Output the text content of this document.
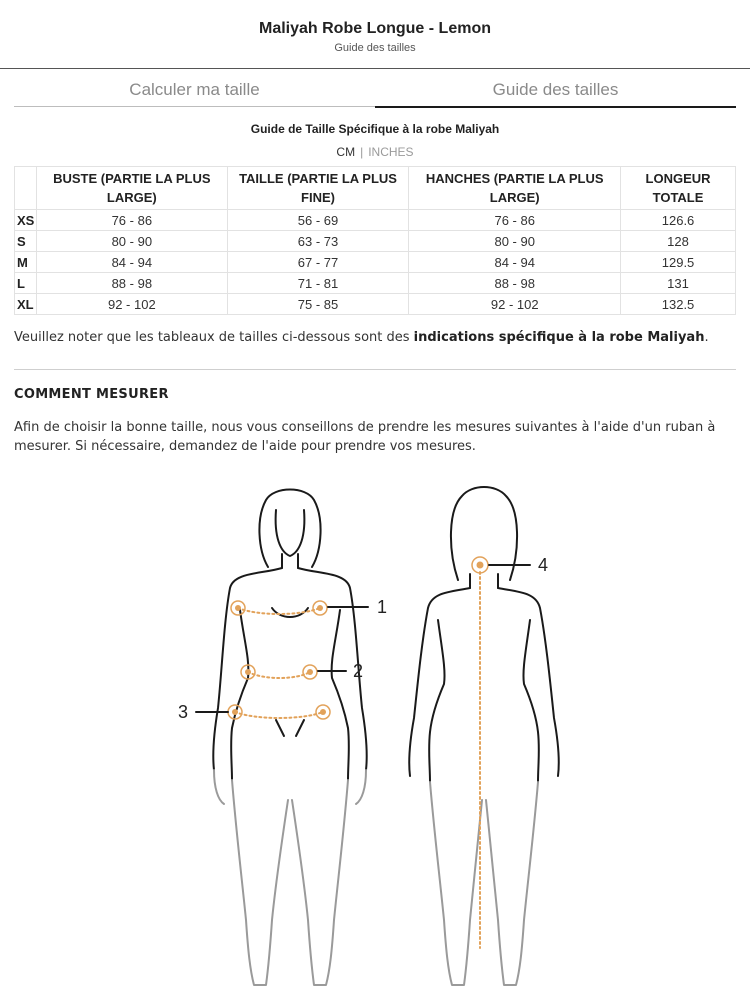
Maliyah Robe Longue - Lemon
Guide des tailles
Calculer ma taille	Guide des tailles
Guide de Taille Spécifique à la robe Maliyah
CM | INCHES
	BUSTE (PARTIE LA PLUS LARGE)	TAILLE (PARTIE LA PLUS FINE)	HANCHES (PARTIE LA PLUS LARGE)	LONGEUR TOTALE
XS	76 - 86	56 - 69	76 - 86	126.6
S	80 - 90	63 - 73	80 - 90	128
M	84 - 94	67 - 77	84 - 94	129.5
L	88 - 98	71 - 81	88 - 98	131
XL	92 - 102	75 - 85	92 - 102	132.5
Veuillez noter que les tableaux de tailles ci-dessous sont des indications spécifique à la robe Maliyah.
COMMENT MESURER
Afin de choisir la bonne taille, nous vous conseillons de prendre les mesures suivantes à l'aide d'un ruban à mesurer. Si nécessaire, demandez de l'aide pour prendre vos mesures.
1
2
3
4
